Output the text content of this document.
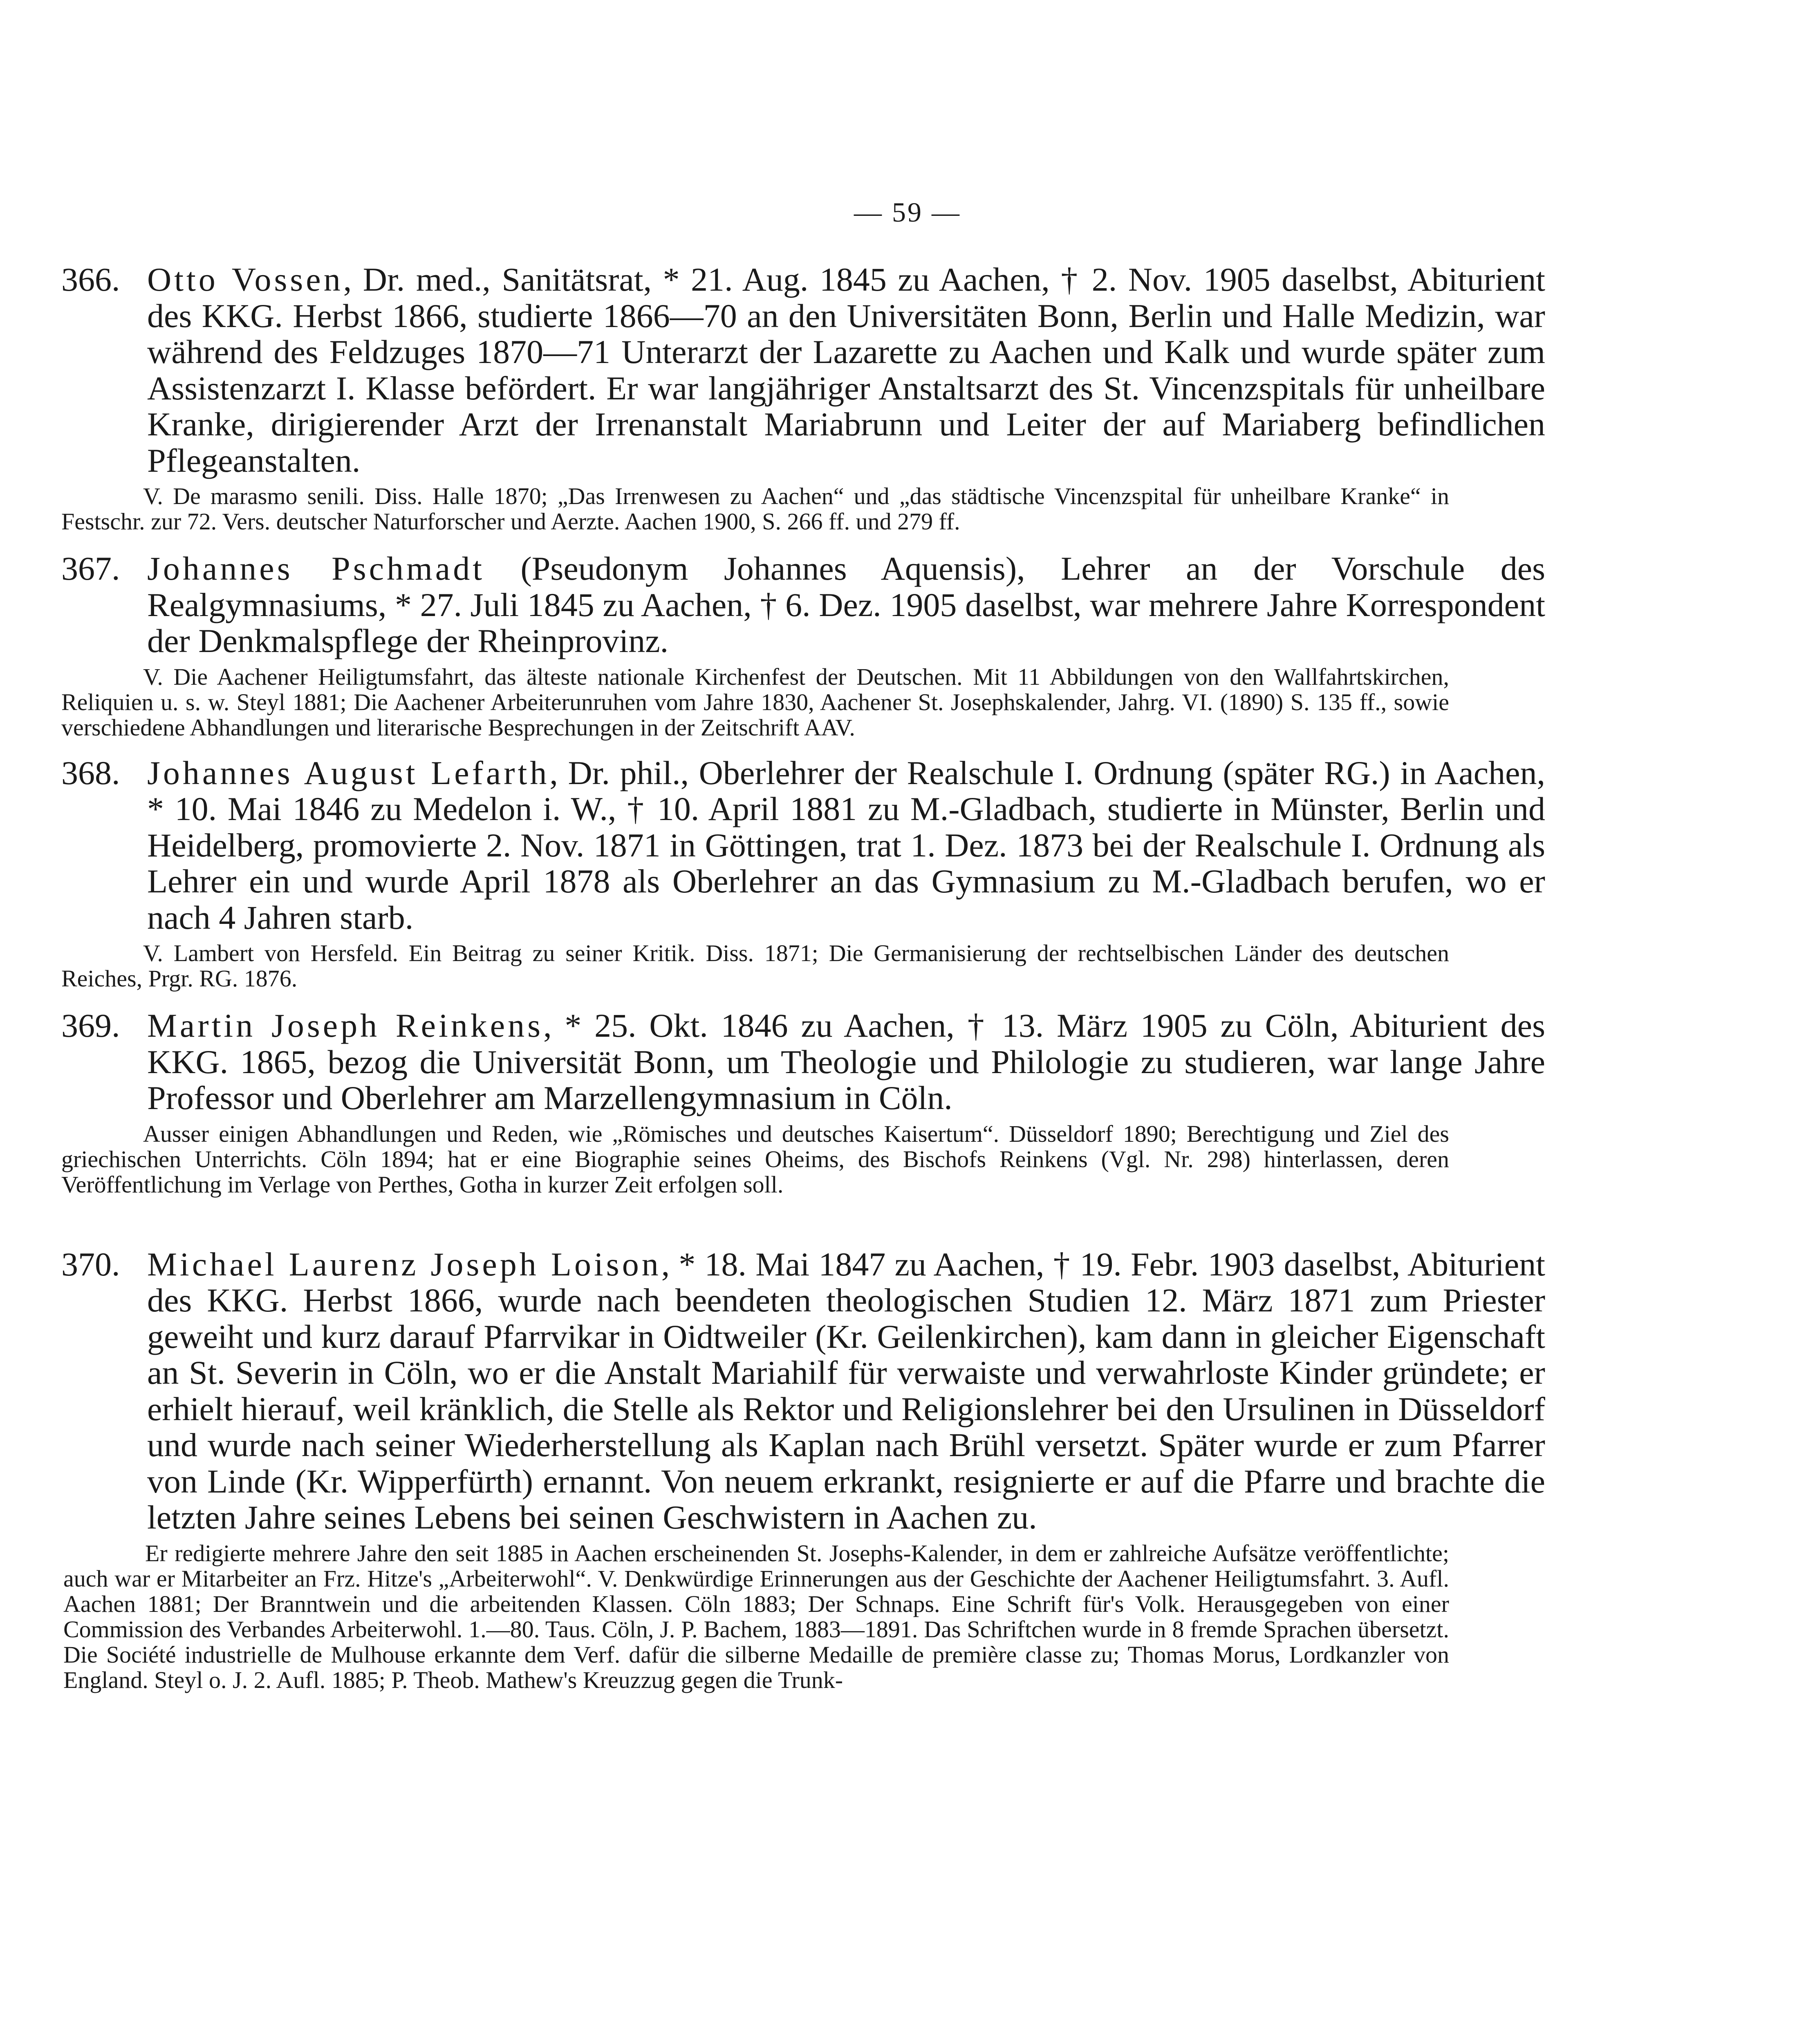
— 59 —
366. Otto Vossen, Dr. med., Sanitätsrat, * 21. Aug. 1845 zu Aachen, † 2. Nov. 1905 daselbst, Abiturient des KKG. Herbst 1866, studierte 1866—70 an den Universitäten Bonn, Berlin und Halle Medizin, war während des Feldzuges 1870—71 Unterarzt der Lazarette zu Aachen und Kalk und wurde später zum Assistenzarzt I. Klasse befördert. Er war langjähriger Anstaltsarzt des St. Vincenzspitals für unheilbare Kranke, dirigierender Arzt der Irrenanstalt Mariabrunn und Leiter der auf Mariaberg befindlichen Pflegeanstalten.
V. De marasmo senili. Diss. Halle 1870; „Das Irrenwesen zu Aachen“ und „das städtische Vincenzspital für unheilbare Kranke“ in Festschr. zur 72. Vers. deutscher Naturforscher und Aerzte. Aachen 1900, S. 266 ff. und 279 ff.
367. Johannes Pschmadt (Pseudonym Johannes Aquensis), Lehrer an der Vorschule des Realgymnasiums, * 27. Juli 1845 zu Aachen, † 6. Dez. 1905 daselbst, war mehrere Jahre Korrespondent der Denkmalspflege der Rheinprovinz.
V. Die Aachener Heiligtumsfahrt, das älteste nationale Kirchenfest der Deutschen. Mit 11 Abbildungen von den Wallfahrtskirchen, Reliquien u. s. w. Steyl 1881; Die Aachener Arbeiterunruhen vom Jahre 1830, Aachener St. Josephskalender, Jahrg. VI. (1890) S. 135 ff., sowie verschiedene Abhandlungen und literarische Besprechungen in der Zeitschrift AAV.
368. Johannes August Lefarth, Dr. phil., Oberlehrer der Realschule I. Ordnung (später RG.) in Aachen, * 10. Mai 1846 zu Medelon i. W., † 10. April 1881 zu M.-Gladbach, studierte in Münster, Berlin und Heidelberg, promovierte 2. Nov. 1871 in Göttingen, trat 1. Dez. 1873 bei der Realschule I. Ordnung als Lehrer ein und wurde April 1878 als Oberlehrer an das Gymnasium zu M.-Gladbach berufen, wo er nach 4 Jahren starb.
V. Lambert von Hersfeld. Ein Beitrag zu seiner Kritik. Diss. 1871; Die Germanisierung der rechtselbischen Länder des deutschen Reiches, Prgr. RG. 1876.
369. Martin Joseph Reinkens, * 25. Okt. 1846 zu Aachen, † 13. März 1905 zu Cöln, Abiturient des KKG. 1865, bezog die Universität Bonn, um Theologie und Philologie zu studieren, war lange Jahre Professor und Oberlehrer am Marzellengymnasium in Cöln.
Ausser einigen Abhandlungen und Reden, wie „Römisches und deutsches Kaisertum“. Düsseldorf 1890; Berechtigung und Ziel des griechischen Unterrichts. Cöln 1894; hat er eine Biographie seines Oheims, des Bischofs Reinkens (Vgl. Nr. 298) hinterlassen, deren Veröffentlichung im Verlage von Perthes, Gotha in kurzer Zeit erfolgen soll.
370. Michael Laurenz Joseph Loison, * 18. Mai 1847 zu Aachen, † 19. Febr. 1903 daselbst, Abiturient des KKG. Herbst 1866, wurde nach beendeten theologischen Studien 12. März 1871 zum Priester geweiht und kurz darauf Pfarrvikar in Oidtweiler (Kr. Geilenkirchen), kam dann in gleicher Eigenschaft an St. Severin in Cöln, wo er die Anstalt Mariahilf für verwaiste und verwahrloste Kinder gründete; er erhielt hierauf, weil kränklich, die Stelle als Rektor und Religionslehrer bei den Ursulinen in Düsseldorf und wurde nach seiner Wiederherstellung als Kaplan nach Brühl versetzt. Später wurde er zum Pfarrer von Linde (Kr. Wipperfürth) ernannt. Von neuem erkrankt, resignierte er auf die Pfarre und brachte die letzten Jahre seines Lebens bei seinen Geschwistern in Aachen zu.
Er redigierte mehrere Jahre den seit 1885 in Aachen erscheinenden St. Josephs-Kalender, in dem er zahlreiche Aufsätze veröffentlichte; auch war er Mitarbeiter an Frz. Hitze's „Arbeiterwohl“. V. Denkwürdige Erinnerungen aus der Geschichte der Aachener Heiligtumsfahrt. 3. Aufl. Aachen 1881; Der Branntwein und die arbeitenden Klassen. Cöln 1883; Der Schnaps. Eine Schrift für's Volk. Herausgegeben von einer Commission des Verbandes Arbeiterwohl. 1.—80. Taus. Cöln, J. P. Bachem, 1883—1891. Das Schriftchen wurde in 8 fremde Sprachen übersetzt. Die Société industrielle de Mulhouse erkannte dem Verf. dafür die silberne Medaille de première classe zu; Thomas Morus, Lordkanzler von England. Steyl o. J. 2. Aufl. 1885; P. Theob. Mathew's Kreuzzug gegen die Trunk-
